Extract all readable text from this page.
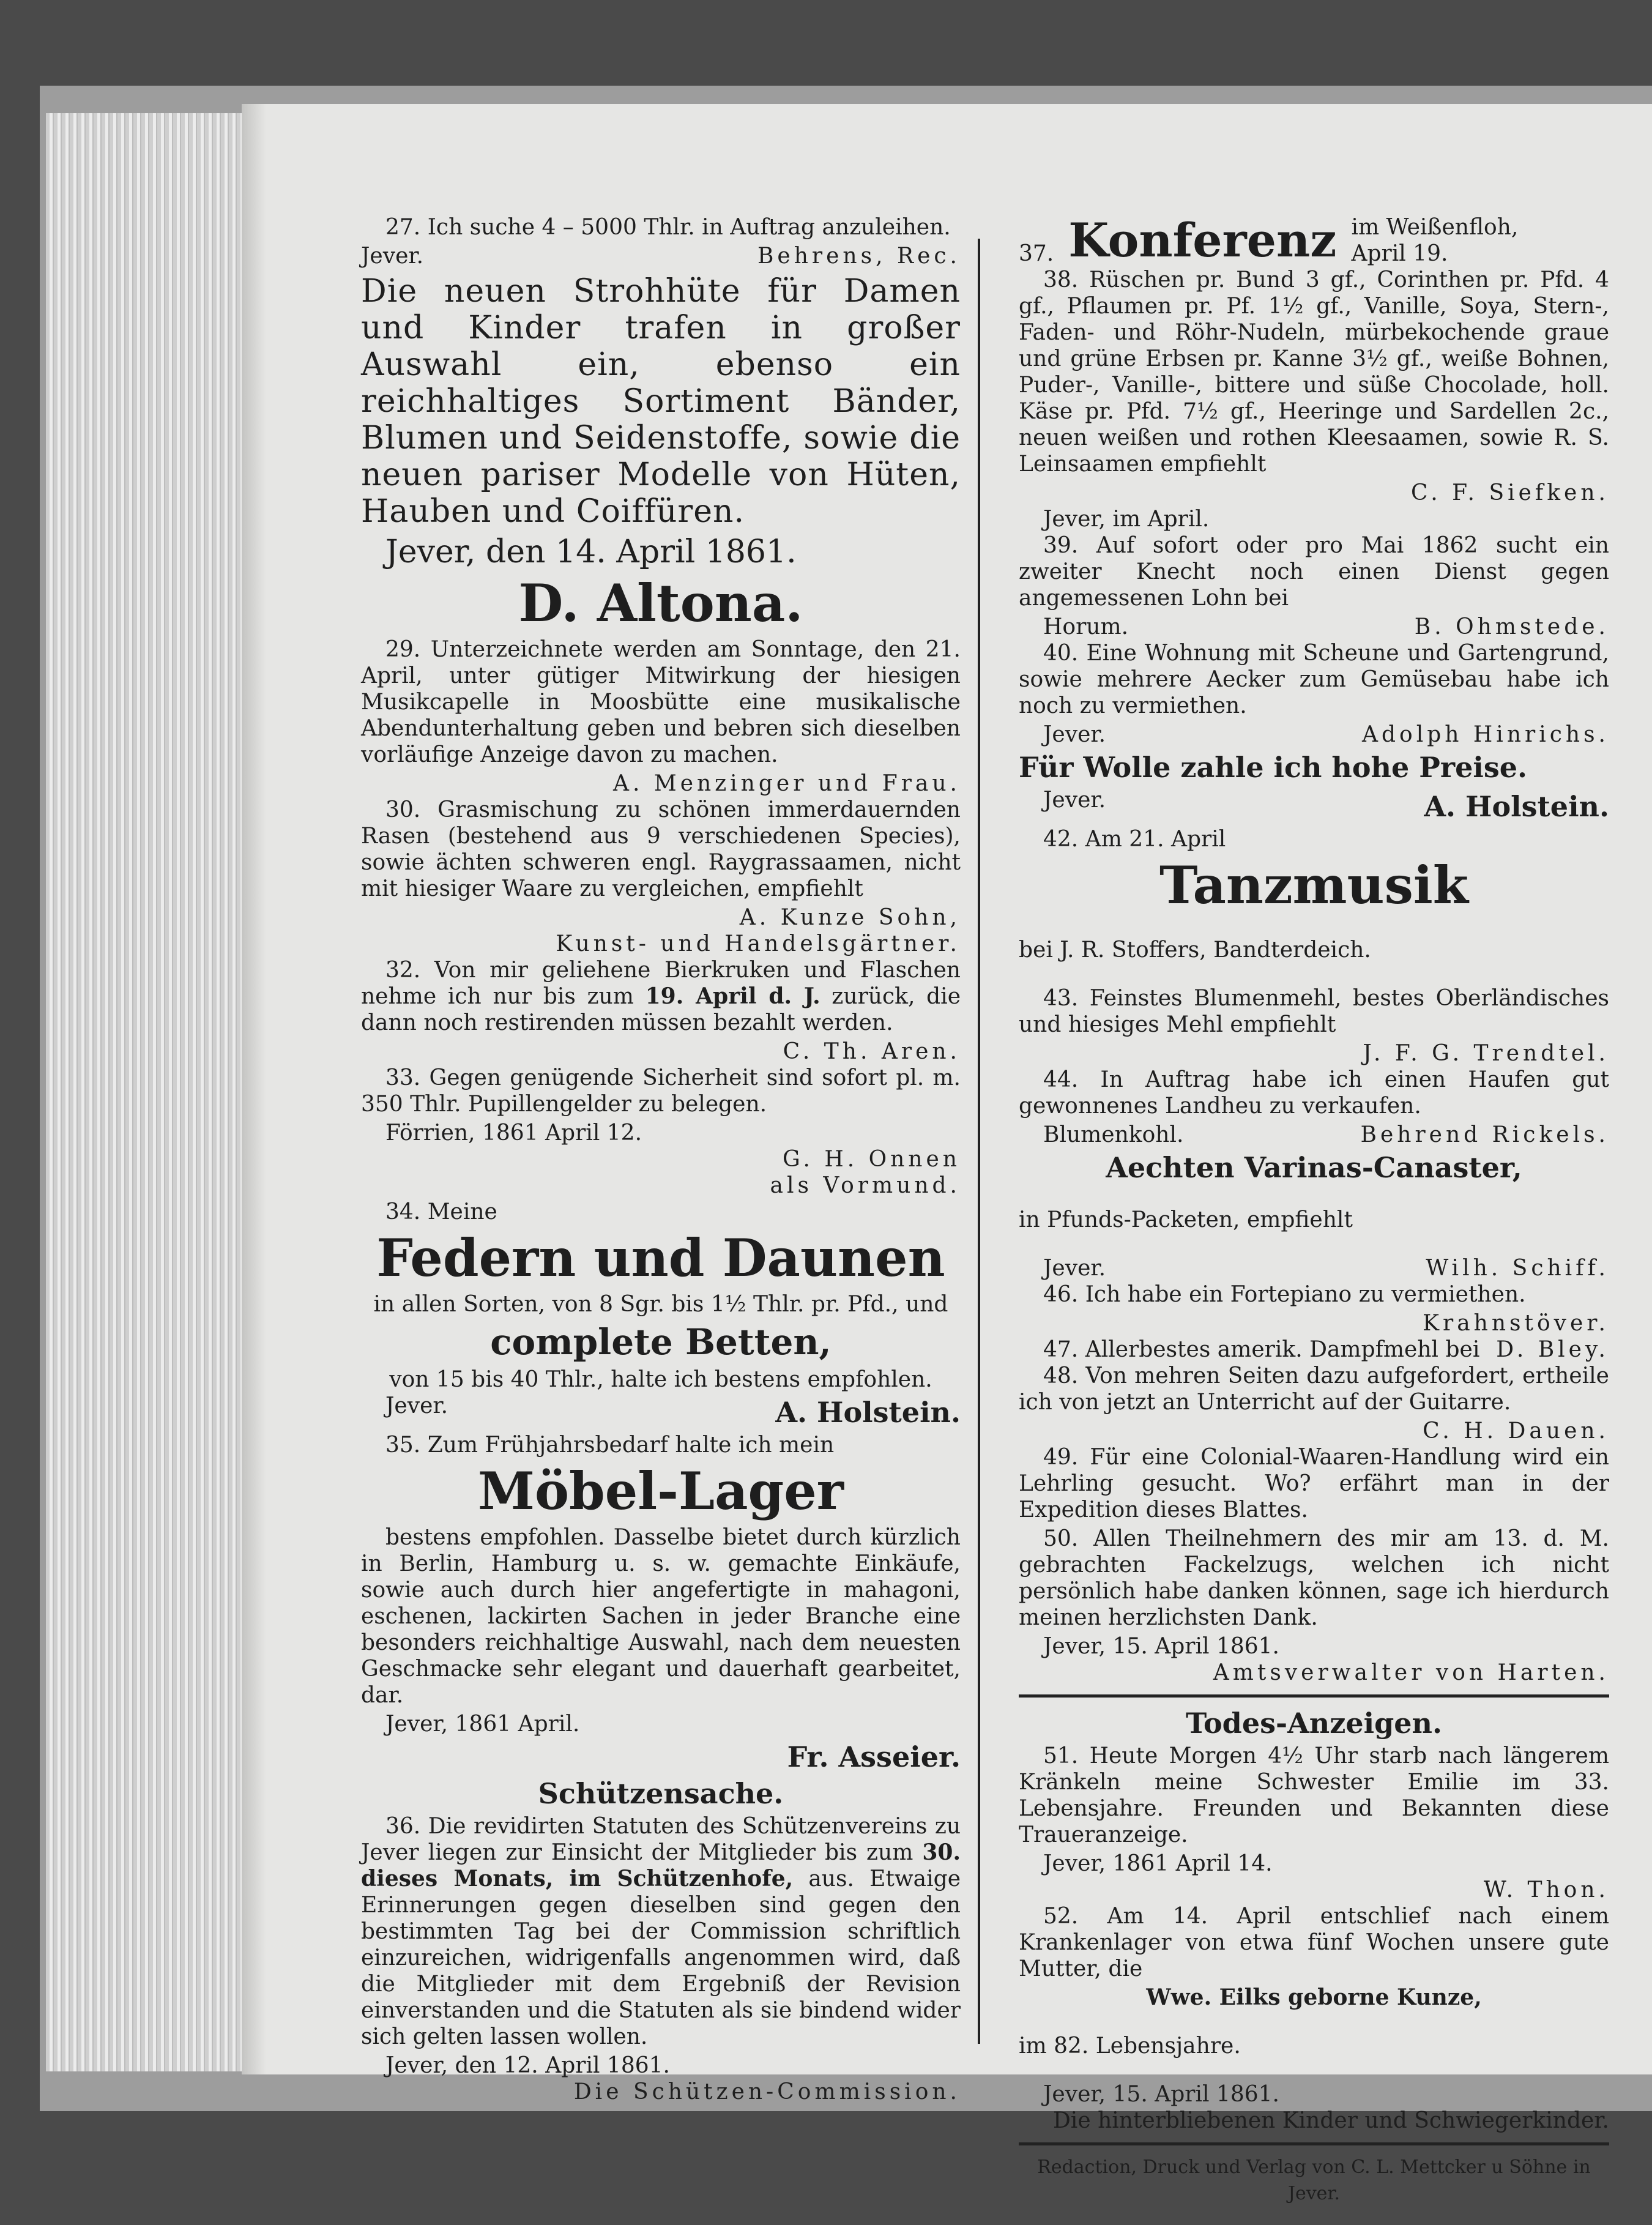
27. Ich suche 4 – 5000 Thlr. in Auftrag anzuleihen.

Jever.	Behrens, Rec.

Die neuen Strohhüte für Damen und Kinder trafen in großer Auswahl ein, ebenso ein reichhaltiges Sortiment Bänder, Blumen und Seidenstoffe, sowie die neuen pariser Modelle von Hüten, Hauben und Coiffüren.

Jever, den 14. April 1861.

D. Altona.

29. Unterzeichnete werden am Sonntage, den 21. April, unter gütiger Mitwirkung der hiesigen Musikcapelle in Moosbütte eine musikalische Abendunterhaltung geben und bebren sich dieselben vorläufige Anzeige davon zu machen.

A. Menzinger und Frau.

30. Grasmischung zu schönen immerdauernden Rasen (bestehend aus 9 verschiedenen Species), sowie ächten schweren engl. Raygrassaamen, nicht mit hiesiger Waare zu vergleichen, empfiehlt

A. Kunze Sohn,

Kunst- und Handelsgärtner.

32. Von mir geliehene Bierkruken und Flaschen nehme ich nur bis zum 19. April d. J. zurück, die dann noch restirenden müssen bezahlt werden.

C. Th. Aren.

33. Gegen genügende Sicherheit sind sofort pl. m. 350 Thlr. Pupillengelder zu belegen.

Förrien, 1861 April 12.

G. H. Onnen

als Vormund.

34. Meine

Federn und Daunen

in allen Sorten, von 8 Sgr. bis 1½ Thlr. pr. Pfd., und

complete Betten,

von 15 bis 40 Thlr., halte ich bestens empfohlen.

Jever.	A. Holstein.

35. Zum Frühjahrsbedarf halte ich mein

Möbel-Lager

bestens empfohlen. Dasselbe bietet durch kürzlich in Berlin, Hamburg u. s. w. gemachte Einkäufe, sowie auch durch hier angefertigte in mahagoni, eschenen, lackirten Sachen in jeder Branche eine besonders reichhaltige Auswahl, nach dem neuesten Geschmacke sehr elegant und dauerhaft gearbeitet, dar.

Jever, 1861 April.

Fr. Asseier.

Schützensache.

36. Die revidirten Statuten des Schützenvereins zu Jever liegen zur Einsicht der Mitglieder bis zum 30. dieses Monats, im Schützenhofe, aus. Etwaige Erinnerungen gegen dieselben sind gegen den bestimmten Tag bei der Commission schriftlich einzureichen, widrigenfalls angenommen wird, daß die Mitglieder mit dem Ergebniß der Revision einverstanden und die Statuten als sie bindend wider sich gelten lassen wollen.

Jever, den 12. April 1861.

Die Schützen-Commission.

37. Konferenz im Weißenfloh,
April 19.

38. Rüschen pr. Bund 3 gf., Corinthen pr. Pfd. 4 gf., Pflaumen pr. Pf. 1½ gf., Vanille, Soya, Stern-, Faden- und Röhr-Nudeln, mürbekochende graue und grüne Erbsen pr. Kanne 3½ gf., weiße Bohnen, Puder-, Vanille-, bittere und süße Chocolade, holl. Käse pr. Pfd. 7½ gf., Heeringe und Sardellen 2c., neuen weißen und rothen Kleesaamen, sowie R. S. Leinsaamen empfiehlt

C. F. Siefken.

Jever, im April.

39. Auf sofort oder pro Mai 1862 sucht ein zweiter Knecht noch einen Dienst gegen angemessenen Lohn bei

Horum.	B. Ohmstede.

40. Eine Wohnung mit Scheune und Gartengrund, sowie mehrere Aecker zum Gemüsebau habe ich noch zu vermiethen.

Jever.	Adolph Hinrichs.

Für Wolle zahle ich hohe Preise.

Jever.	A. Holstein.

42. Am 21. April

Tanzmusik

bei J. R. Stoffers, Bandterdeich.

43. Feinstes Blumenmehl, bestes Oberländisches und hiesiges Mehl empfiehlt

J. F. G. Trendtel.

44. In Auftrag habe ich einen Haufen gut gewonnenes Landheu zu verkaufen.

Blumenkohl.	Behrend Rickels.

Aechten Varinas-Canaster,

in Pfunds-Packeten, empfiehlt

Jever.	Wilh. Schiff.

46. Ich habe ein Fortepiano zu vermiethen.

Krahnstöver.

47. Allerbestes amerik. Dampfmehl bei D. Bley.

48. Von mehren Seiten dazu aufgefordert, ertheile ich von jetzt an Unterricht auf der Guitarre.

C. H. Dauen.

49. Für eine Colonial-Waaren-Handlung wird ein Lehrling gesucht. Wo? erfährt man in der Expedition dieses Blattes.

50. Allen Theilnehmern des mir am 13. d. M. gebrachten Fackelzugs, welchen ich nicht persönlich habe danken können, sage ich hierdurch meinen herzlichsten Dank.

Jever, 15. April 1861.

Amtsverwalter von Harten.

Todes-Anzeigen.

51. Heute Morgen 4½ Uhr starb nach längerem Kränkeln meine Schwester Emilie im 33. Lebensjahre. Freunden und Bekannten diese Traueranzeige.

Jever, 1861 April 14.

W. Thon.

52. Am 14. April entschlief nach einem Krankenlager von etwa fünf Wochen unsere gute Mutter, die

Wwe. Eilks geborne Kunze,

im 82. Lebensjahre.

Jever, 15. April 1861.

Die hinterbliebenen Kinder und Schwiegerkinder.

Redaction, Druck und Verlag von C. L. Mettcker u Söhne in Jever.
